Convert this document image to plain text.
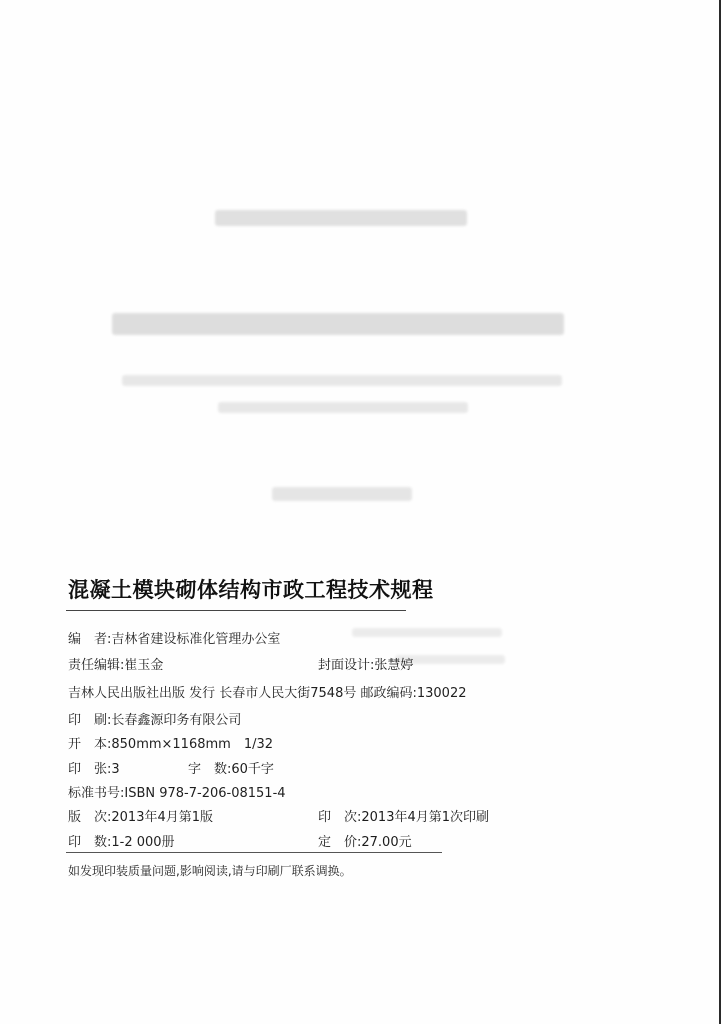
混凝土模块砌体结构市政工程技术规程
编　者:吉林省建设标准化管理办公室
责任编辑:崔玉金	封面设计:张慧婷
吉林人民出版社出版 发行 长春市人民大街7548号 邮政编码:130022
印　刷:长春鑫源印务有限公司
开　本:850mm×1168mm　1/32
印　张:3	字　数:60千字
标准书号:ISBN 978-7-206-08151-4
版　次:2013年4月第1版	印　次:2013年4月第1次印刷
印　数:1-2 000册	定　价:27.00元
如发现印装质量问题,影响阅读,请与印刷厂联系调换。
